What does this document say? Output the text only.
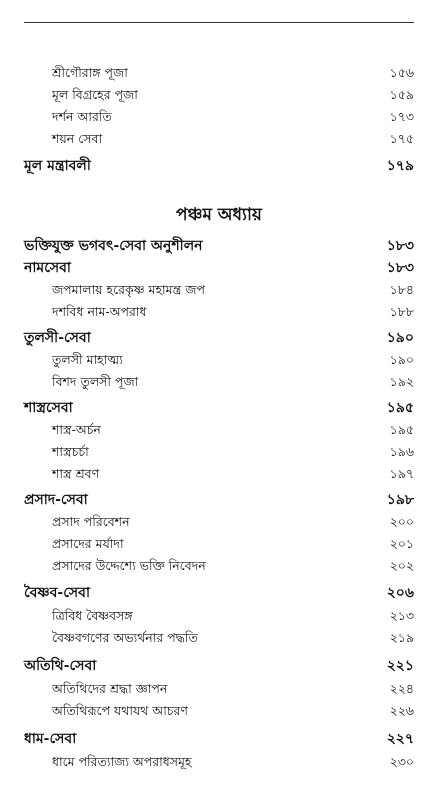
শ্রীগৌরাঙ্গ পূজা	১৫৬
মূল বিগ্রহের পূজা	১৫৯
দর্শন আরতি	১৭৩
শয়ন সেবা	১৭৫
মূল মন্ত্রাবলী	১৭৯
পঞ্চম অধ্যায়
ভক্তিযুক্ত ভগবৎ-সেবা অনুশীলন	১৮৩
নামসেবা	১৮৩
জপমালায় হরেকৃষ্ণ মহামন্ত্র জপ	১৮৪
দশবিধ নাম-অপরাধ	১৮৮
তুলসী-সেবা	১৯০
তুলসী মাহাত্ম্য	১৯০
বিশদ তুলসী পূজা	১৯২
শাস্ত্রসেবা	১৯৫
শাস্ত্র-অর্চন	১৯৫
শাস্ত্রচর্চা	১৯৬
শাস্ত্র শ্রবণ	১৯৭
প্রসাদ-সেবা	১৯৮
প্রসাদ পরিবেশন	২০০
প্রসাদের মর্যাদা	২০১
প্রসাদের উদ্দেশ্যে ভক্তি নিবেদন	২০২
বৈষ্ণব-সেবা	২০৬
ত্রিবিধ বৈষ্ণবসঙ্গ	২১৩
বৈষ্ণবগণের অভ্যর্থনার পদ্ধতি	২১৯
অতিথি-সেবা	২২১
অতিথিদের শ্রদ্ধা জ্ঞাপন	২২৪
অতিথিরূপে যথাযথ আচরণ	২২৬
ধাম-সেবা	২২৭
ধামে পরিত্যাজ্য অপরাধসমূহ	২৩০
